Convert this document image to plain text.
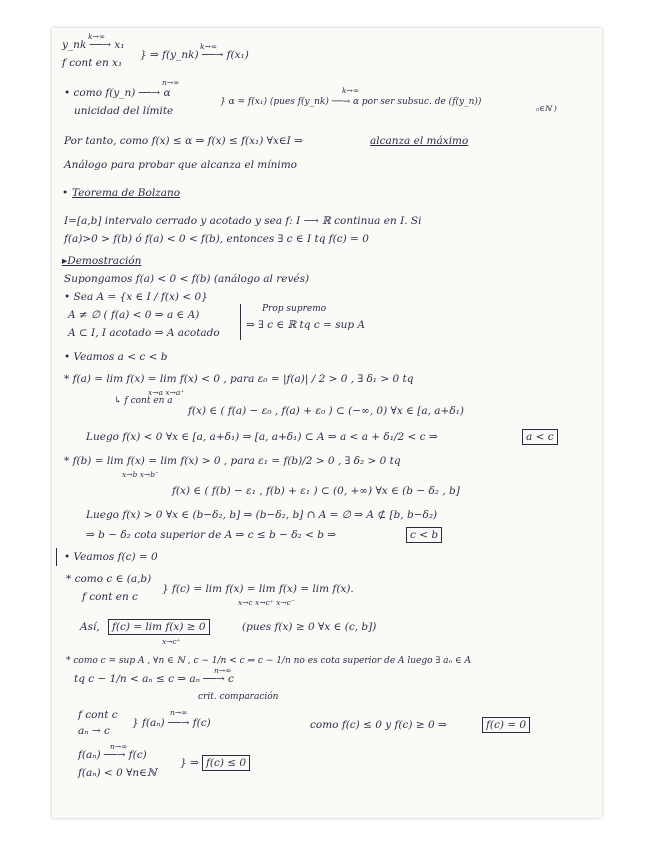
k→∞
y_nk ──→ x₁
f cont en x₁
k→∞
} ⇒ f(y_nk) ──→ f(x₁)
n→∞
• como f(y_n) ──→ α
unicidad del límite
k→∞
} α = f(x₁) (pues f(y_nk) ──→ α por ser subsuc. de (f(y_n))
ₙ∈ℕ )
Por tanto, como f(x) ≤ α ⇒ f(x) ≤ f(x₁) ∀x∈I ⇒	alcanza el máximo
Análogo para probar que alcanza el mínimo
• Teorema de Bolzano
I=[a,b] intervalo cerrado y acotado y sea f: I ⟶ ℝ continua en I. Si
f(a)>0 > f(b) ó f(a) < 0 < f(b), entonces ∃ c ∈ I tq f(c) = 0
▸Demostración
Supongamos f(a) < 0 < f(b) (análogo al revés)
• Sea A = {x ∈ I / f(x) < 0}
A ≠ ∅ ( f(a) < 0 ⇒ a ∈ A)
A ⊂ I, I acotado ⇒ A acotado
Prop supremo
⇒ ∃ c ∈ ℝ tq c = sup A
• Veamos a < c < b
* f(a) = lim f(x) = lim f(x) < 0 , para ε₀ = |f(a)| / 2 > 0 , ∃ δ₁ > 0 tq
x→a x→a⁺
↳ f cont en a
f(x) ∈ ( f(a) − ε₀ , f(a) + ε₀ ) ⊂ (−∞, 0) ∀x ∈ [a, a+δ₁)
Luego f(x) < 0 ∀x ∈ [a, a+δ₁) ⇒ [a, a+δ₁) ⊂ A ⇒ a < a + δ₁/2 < c ⇒	a < c
* f(b) = lim f(x) = lim f(x) > 0 , para ε₁ = f(b)/2 > 0 , ∃ δ₂ > 0 tq
x→b x→b⁻
f(x) ∈ ( f(b) − ε₁ , f(b) + ε₁ ) ⊂ (0, +∞) ∀x ∈ (b − δ₂ , b]
Luego f(x) > 0 ∀x ∈ (b−δ₂, b] ⇒ (b−δ₂, b] ∩ A = ∅ ⇒ A ⊄ [b, b−δ₂)
⇒ b − δ₂ cota superior de A ⇒ c ≤ b − δ₂ < b ⇒	c < b
• Veamos f(c) = 0
* como c ∈ (a,b)
f cont en c
} f(c) = lim f(x) = lim f(x) = lim f(x).
x→c x→c⁺ x→c⁻
Así,	f(c) = lim f(x) ≥ 0
x→c⁺
(pues f(x) ≥ 0 ∀x ∈ (c, b])
* como c = sup A , ∀n ∈ ℕ , c − 1/n < c ⇒ c − 1/n no es cota superior de A luego ∃ aₙ ∈ A
tq c − 1/n < aₙ ≤ c ⇒ aₙ ──→ c
n→∞
crit. comparación
f cont c
aₙ → c
} f(aₙ) ──→ f(c)
n→∞
como f(c) ≤ 0 y f(c) ≥ 0 ⇒	f(c) = 0
f(aₙ) ──→ f(c)
n→∞
f(aₙ) < 0 ∀n∈ℕ
} ⇒ f(c) ≤ 0
